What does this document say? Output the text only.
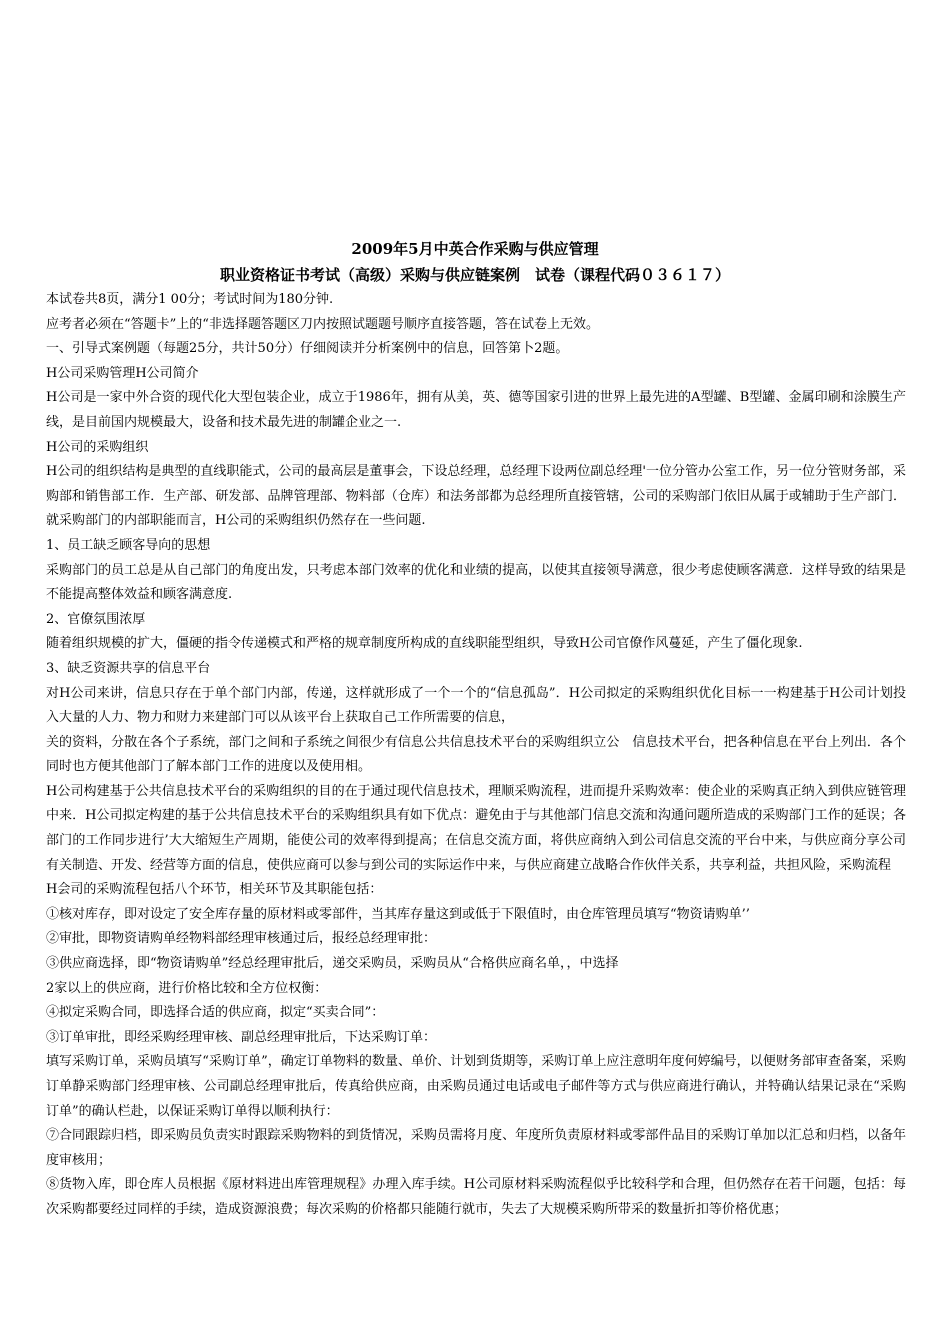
2009年5月中英合作采购与供应管理
职业资格证书考试（高级）采购与供应链案例　试卷（课程代码０３６１７）

本试卷共8页，满分1 00分；考试时间为180分钟.

应考者必须在“答题卡”上的“非选择题答题区刀内按照试题题号顺序直接答题，答在试卷上无效。

一、引导式案例题（每题25分，共计50分）仔细阅读并分析案例中的信息，回答第卜2题。

H公司采购管理H公司简介

H公司是一家中外合资的现代化大型包装企业，成立于1986年，拥有从美，英、德等国家引进的世界上最先进的A型罐、B型罐、金属印刷和涂膜生产线，是目前国内规模最大，设备和技术最先进的制罐企业之一.

H公司的采购组织

H公司的组织结构是典型的直线职能式，公司的最高层是董事会，下设总经理，总经理下设两位副总经理'一位分管办公室工作，另一位分管财务部，采购部和销售部工作．生产部、研发部、品牌管理部、物料部（仓库）和法务部都为总经理所直接管辖，公司的采购部门依旧从属于或辅助于生产部门．就采购部门的内部职能而言，H公司的采购组织仍然存在一些问题.

1、员工缺乏顾客导向的思想

采购部门的员工总是从自己部门的角度出发，只考虑本部门效率的优化和业绩的提高，以使其直接领导满意，很少考虑使顾客满意．这样导致的结果是不能提高整体效益和顾客满意度.

2、官僚氛围浓厚

随着组织规模的扩大，僵硬的指令传递模式和严格的规章制度所构成的直线职能型组织，导致H公司官僚作风蔓延，产生了僵化现象.

3、缺乏资源共享的信息平台

对H公司来讲，信息只存在于单个部门内部，传递，这样就形成了一个一个的“信息孤岛”．H公司拟定的采购组织优化目标一一构建基于H公司计划投入大量的人力、物力和财力来建部门可以从该平台上获取自己工作所需要的信息，

关的资料，分散在各个子系统，部门之间和子系统之间很少有信息公共信息技术平台的采购组织立公　信息技术平台，把各种信息在平台上列出．各个同时也方便其他部门了解本部门工作的进度以及使用相。

H公司构建基于公共信息技术平台的采购组织的目的在于通过现代信息技术，理顺采购流程，进而提升采购效率：使企业的采购真正纳入到供应链管理中来．H公司拟定构建的基于公共信息技术平台的采购组织具有如下优点：避免由于与其他部门信息交流和沟通问题所造成的采购部门工作的延误；各部门的工作同步进行’大大缩短生产周期，能使公司的效率得到提高；在信息交流方面，将供应商纳入到公司信息交流的平台中来，与供应商分享公司有关制造、开发、经营等方面的信息，使供应商可以参与到公司的实际运作中来，与供应商建立战略合作伙伴关系，共享利益，共担风险，采购流程

H会司的采购流程包括八个环节，相关环节及其职能包括：

①核对库存，即对设定了安全库存量的原材料或零部件，当其库存量这到或低于下限值时，由仓库管理员填写“物资请购单’’

②审批，即物资请购单经物料部经理审核通过后，报经总经理审批：

③供应商选择，即“物资请购单”经总经理审批后，递交采购员，采购员从“合格供应商名单，，中选择

2家以上的供应商，进行价格比较和全方位权衡：

④拟定采购合同，即选择合适的供应商，拟定“买卖合同”：

③订单审批，即经采购经理审核、副总经理审批后，下达采购订单：

填写采购订单，采购员填写“采购订单”，确定订单物料的数量、单价、计划到货期等，采购订单上应注意明年度何婷编号，以便财务部审查备案，采购订单静采购部门经理审核、公司副总经理审批后，传真给供应商，由采购员通过电话或电子邮件等方式与供应商进行确认，并特确认结果记录在“采购订单”的确认栏赴，以保证采购订单得以顺利执行：

⑦合同跟踪归档，即采购员负责实时跟踪采购物料的到货情况，采购员需将月度、年度所负责原材料或零部件品目的采购订单加以汇总和归档，以备年度审核用；

⑧货物入库，即仓库人员根据《原材料进出库管理规程》办理入库手续。H公司原材料采购流程似乎比较科学和合理，但仍然存在若干问题，包括：每次采购都要经过同样的手续，造成资源浪费；每次采购的价格都只能随行就市，失去了大规模采购所带采的数量折扣等价格优惠；
